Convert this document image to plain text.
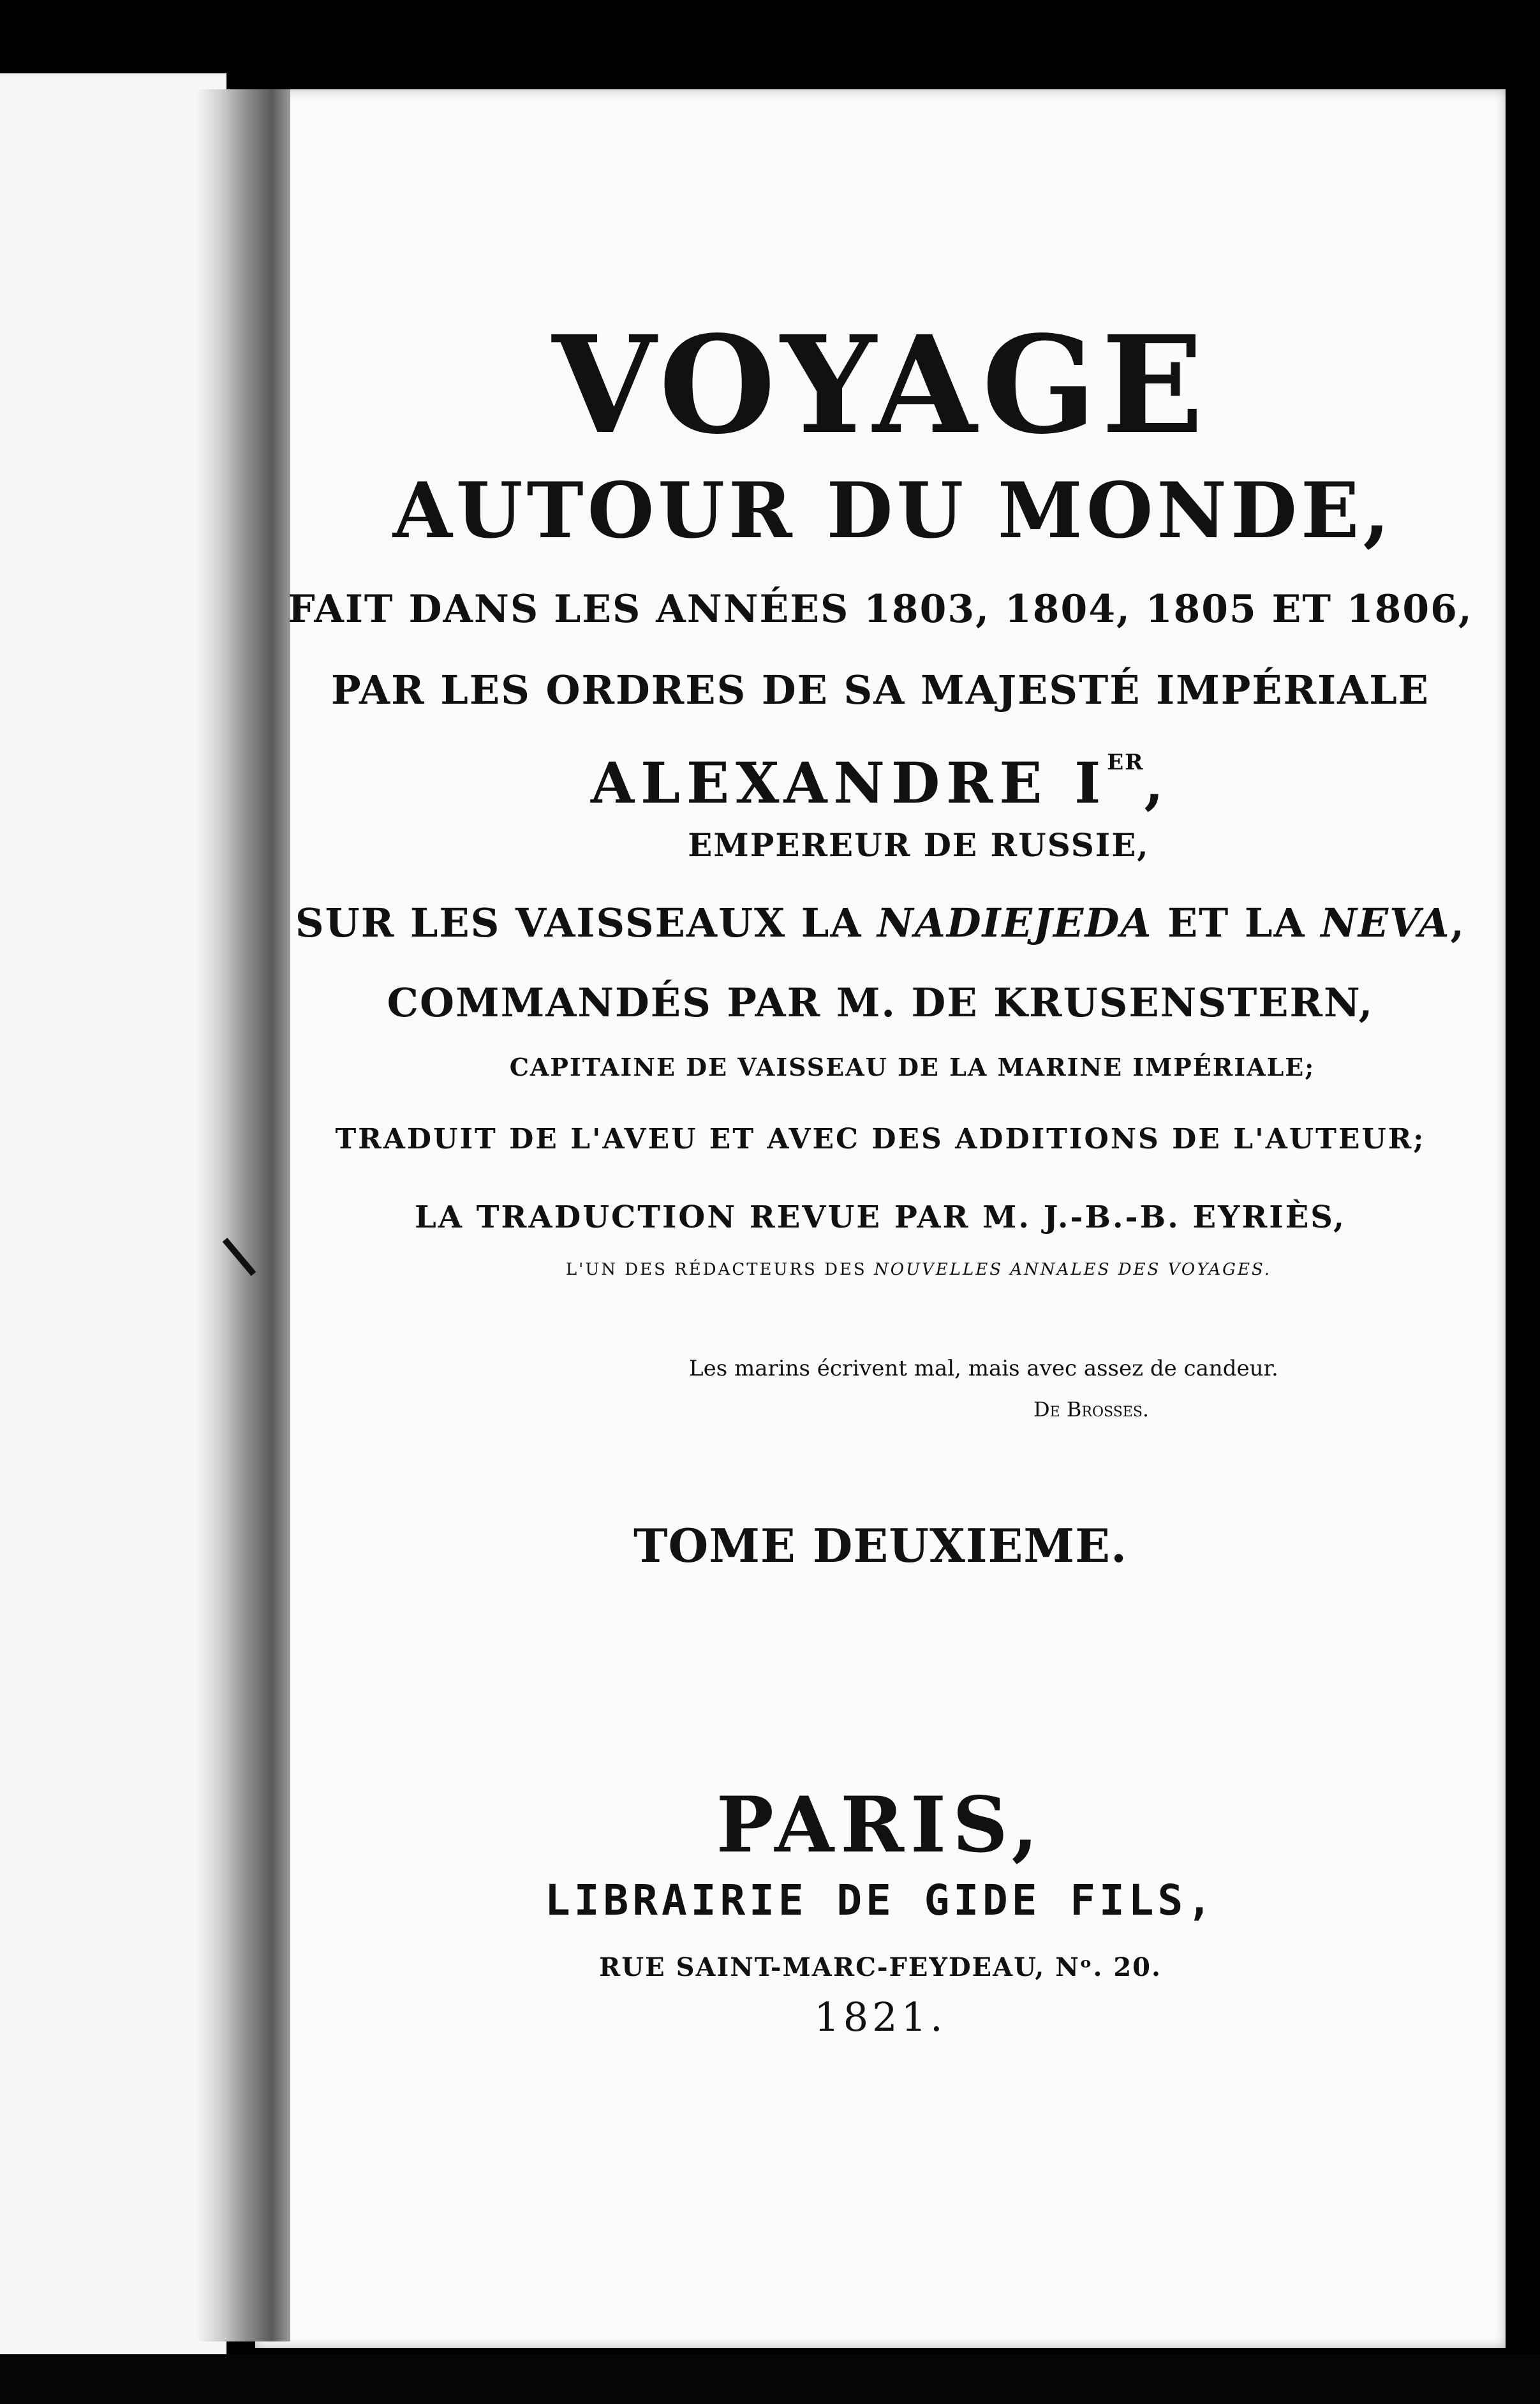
VOYAGE
AUTOUR DU MONDE,
FAIT DANS LES ANNÉES 1803, 1804, 1805 ET 1806,
PAR LES ORDRES DE SA MAJESTÉ IMPÉRIALE
ALEXANDRE IER,
EMPEREUR DE RUSSIE,
SUR LES VAISSEAUX LA NADIEJEDA ET LA NEVA,
COMMANDÉS PAR M. DE KRUSENSTERN,
CAPITAINE DE VAISSEAU DE LA MARINE IMPÉRIALE;
TRADUIT DE L'AVEU ET AVEC DES ADDITIONS DE L'AUTEUR;
LA TRADUCTION REVUE PAR M. J.-B.-B. EYRIÈS,
L'UN DES RÉDACTEURS DES NOUVELLES ANNALES DES VOYAGES.
Les marins écrivent mal, mais avec assez de candeur.
De Brosses.
TOME DEUXIEME.
PARIS,
LIBRAIRIE DE GIDE FILS,
RUE SAINT-MARC-FEYDEAU, Nᵒ. 20.
1821.
